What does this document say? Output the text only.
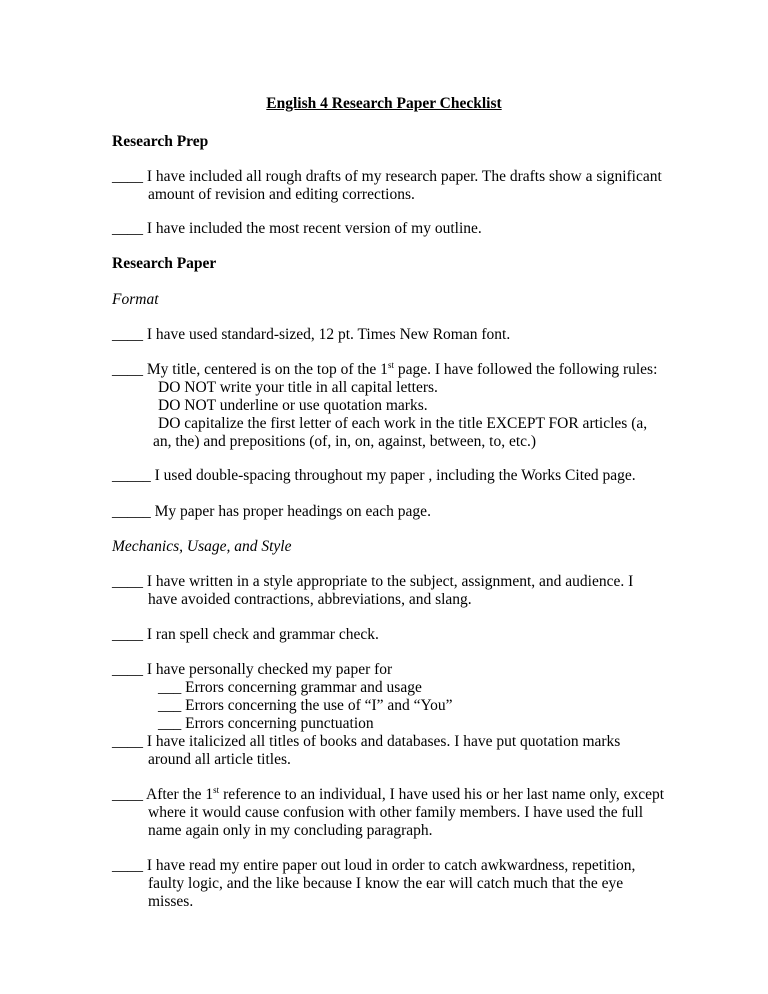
English 4 Research Paper Checklist
Research Prep
____ I have included all rough drafts of my research paper. The drafts show a significant
amount of revision and editing corrections.
____ I have included the most recent version of my outline.
Research Paper
Format
____ I have used standard-sized, 12 pt. Times New Roman font.
____ My title, centered is on the top of the 1st page. I have followed the following rules:
DO NOT write your title in all capital letters.
DO NOT underline or use quotation marks.
DO capitalize the first letter of each work in the title EXCEPT FOR articles (a,
an, the) and prepositions (of, in, on, against, between, to, etc.)
_____ I used double-spacing throughout my paper , including the Works Cited page.
_____ My paper has proper headings on each page.
Mechanics, Usage, and Style
____ I have written in a style appropriate to the subject, assignment, and audience. I
have avoided contractions, abbreviations, and slang.
____ I ran spell check and grammar check.
____ I have personally checked my paper for
___ Errors concerning grammar and usage
___ Errors concerning the use of “I” and “You”
___ Errors concerning punctuation
____ I have italicized all titles of books and databases. I have put quotation marks
around all article titles.
____ After the 1st reference to an individual, I have used his or her last name only, except
where it would cause confusion with other family members. I have used the full
name again only in my concluding paragraph.
____ I have read my entire paper out loud in order to catch awkwardness, repetition,
faulty logic, and the like because I know the ear will catch much that the eye
misses.
